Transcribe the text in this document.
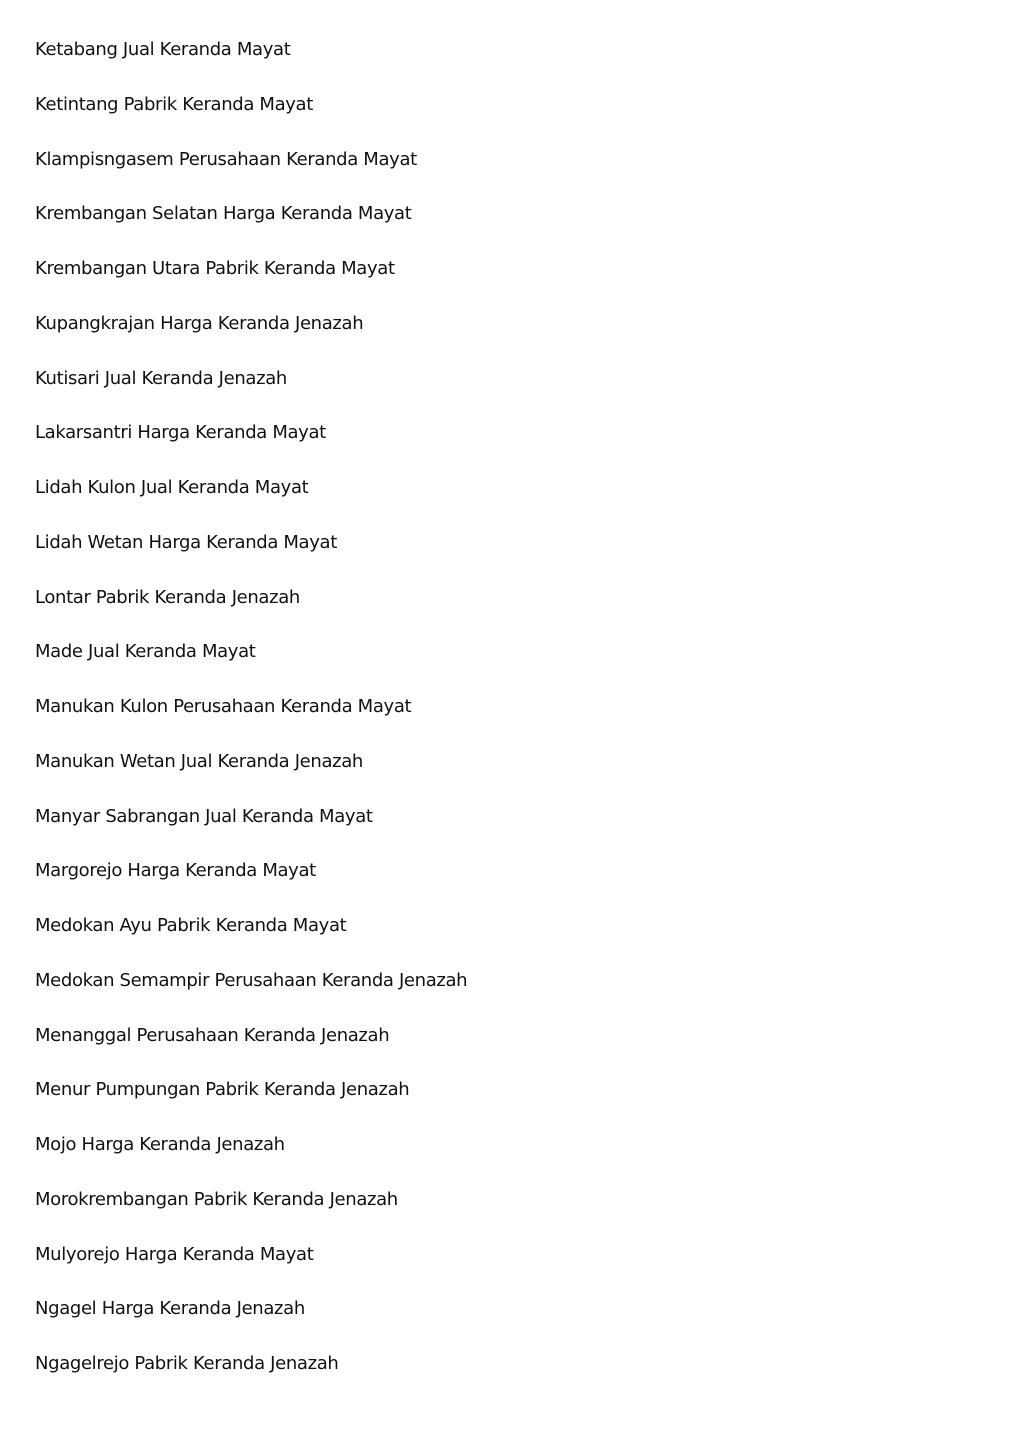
Ketabang Jual Keranda Mayat
Ketintang Pabrik Keranda Mayat
Klampisngasem Perusahaan Keranda Mayat
Krembangan Selatan Harga Keranda Mayat
Krembangan Utara Pabrik Keranda Mayat
Kupangkrajan Harga Keranda Jenazah
Kutisari Jual Keranda Jenazah
Lakarsantri Harga Keranda Mayat
Lidah Kulon Jual Keranda Mayat
Lidah Wetan Harga Keranda Mayat
Lontar Pabrik Keranda Jenazah
Made Jual Keranda Mayat
Manukan Kulon Perusahaan Keranda Mayat
Manukan Wetan Jual Keranda Jenazah
Manyar Sabrangan Jual Keranda Mayat
Margorejo Harga Keranda Mayat
Medokan Ayu Pabrik Keranda Mayat
Medokan Semampir Perusahaan Keranda Jenazah
Menanggal Perusahaan Keranda Jenazah
Menur Pumpungan Pabrik Keranda Jenazah
Mojo Harga Keranda Jenazah
Morokrembangan Pabrik Keranda Jenazah
Mulyorejo Harga Keranda Mayat
Ngagel Harga Keranda Jenazah
Ngagelrejo Pabrik Keranda Jenazah
